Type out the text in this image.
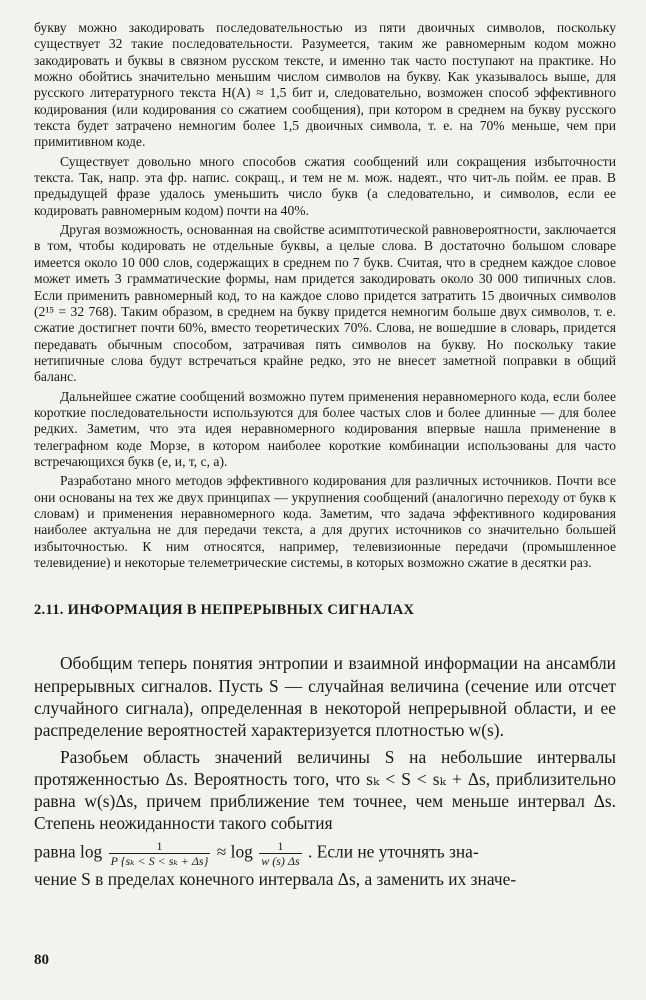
букву можно закодировать последовательностью из пяти двоичных символов, поскольку существует 32 такие последовательности. Разумеется, таким же равномерным кодом можно закодировать и буквы в связном русском тексте, и именно так часто поступают на практике. Но можно обойтись значительно меньшим числом символов на букву. Как указывалось выше, для русского литературного текста H(A) ≈ 1,5 бит и, следовательно, возможен способ эффективного кодирования (или кодирования со сжатием сообщения), при котором в среднем на букву русского текста будет затрачено немногим более 1,5 двоичных символа, т. е. на 70% меньше, чем при примитивном коде.

Существует довольно много способов сжатия сообщений или сокращения избыточности текста. Так, напр. эта фр. напис. сокращ., и тем не м. мож. надеят., что чит-ль пойм. ее прав. В предыдущей фразе удалось уменьшить число букв (а следовательно, и символов, если ее кодировать равномерным кодом) почти на 40%.

Другая возможность, основанная на свойстве асимптотической равновероятности, заключается в том, чтобы кодировать не отдельные буквы, а целые слова. В достаточно большом словаре имеется около 10 000 слов, содержащих в среднем по 7 букв. Считая, что в среднем каждое словое может иметь 3 грамматические формы, нам придется закодировать около 30 000 типичных слов. Если применить равномерный код, то на каждое слово придется затратить 15 двоичных символов (2¹⁵ = 32 768). Таким образом, в среднем на букву придется немногим больше двух символов, т. е. сжатие достигнет почти 60%, вместо теоретических 70%. Слова, не вошедшие в словарь, придется передавать обычным способом, затрачивая пять символов на букву. Но поскольку такие нетипичные слова будут встречаться крайне редко, это не внесет заметной поправки в общий баланс.

Дальнейшее сжатие сообщений возможно путем применения неравномерного кода, если более короткие последовательности используются для более частых слов и более длинные — для более редких. Заметим, что эта идея неравномерного кодирования впервые нашла применение в телеграфном коде Морзе, в котором наиболее короткие комбинации использованы для часто встречающихся букв (е, и, т, с, а).

Разработано много методов эффективного кодирования для различных источников. Почти все они основаны на тех же двух принципах — укрупнения сообщений (аналогично переходу от букв к словам) и применения неравномерного кода. Заметим, что задача эффективного кодирования наиболее актуальна не для передачи текста, а для других источников со значительно большей избыточностью. К ним относятся, например, телевизионные передачи (промышленное телевидение) и некоторые телеметрические системы, в которых возможно сжатие в десятки раз.

2.11. ИНФОРМАЦИЯ В НЕПРЕРЫВНЫХ СИГНАЛАХ

Обобщим теперь понятия энтропии и взаимной информации на ансамбли непрерывных сигналов. Пусть S — случайная величина (сечение или отсчет случайного сигнала), определенная в некоторой непрерывной области, и ее распределение вероятностей характеризуется плотностью w(s).

Разобьем область значений величины S на небольшие интервалы протяженностью Δs. Вероятность того, что sₖ < S < sₖ + Δs, приблизительно равна w(s)Δs, причем приближение тем точнее, чем меньше интервал Δs. Степень неожиданности такого события

равна $\log \frac{1}{\text{P \{sₖ < S < sₖ + Δs\}}} \approx \log \frac{1}{w (s) \Delta s}$ . Если не уточнять зна-

чение S в пределах конечного интервала Δs, а заменить их значе-

80
